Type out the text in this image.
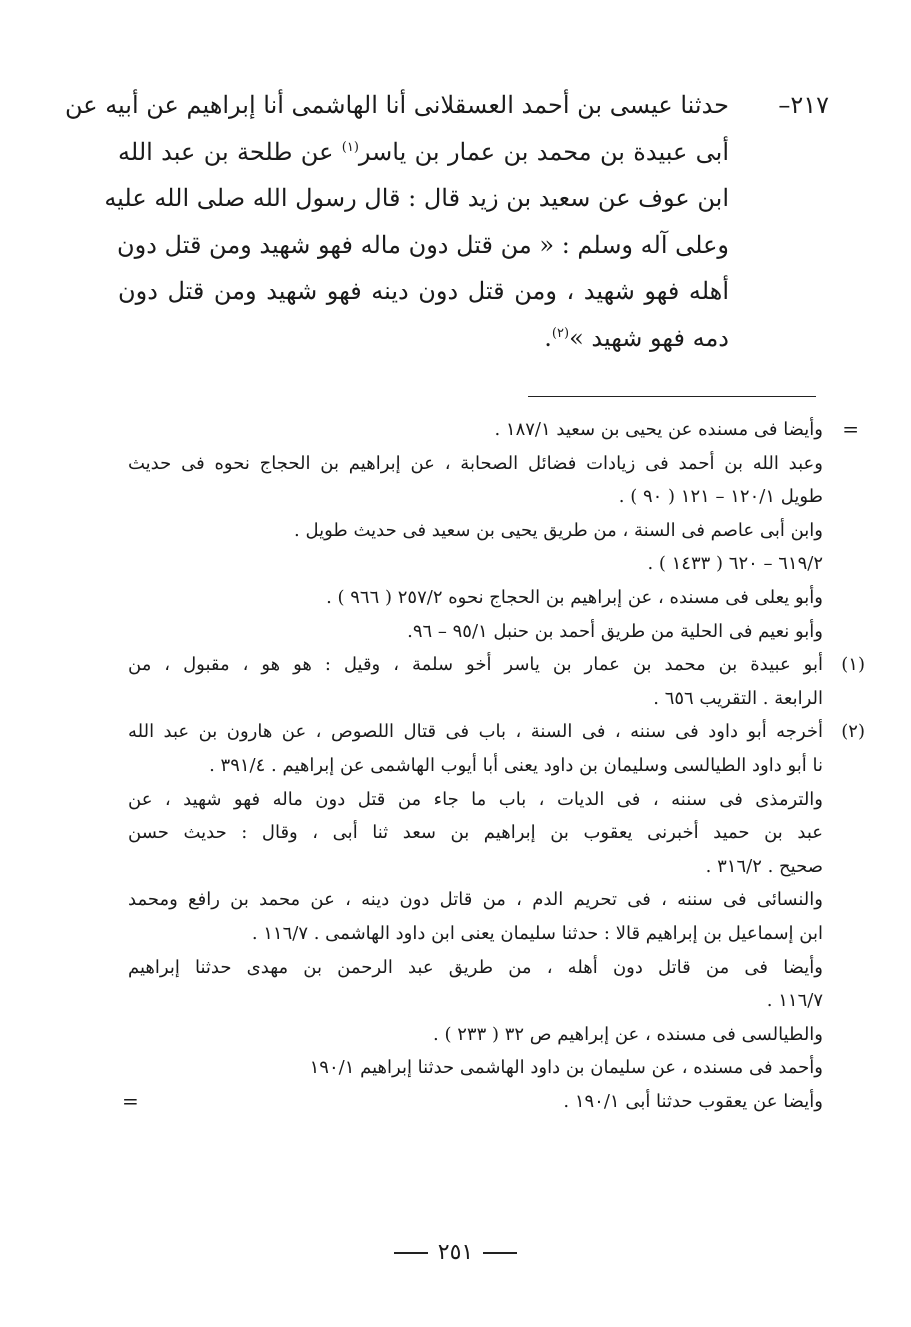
٢١٧–
حدثنا عيسى بن أحمد العسقلانى أنا الهاشمى أنا إبراهيم عن أبيه عن
أبى عبيدة بن محمد بن عمار بن ياسر$^{(١)}$ عن طلحة بن عبد الله
ابن عوف عن سعيد بن زيد قال : قال رسول الله صلى الله عليه
وعلى آله وسلم : « من قتل دون ماله فهو شهيد ومن قتل دون
أهله فهو شهيد ، ومن قتل دون دينه فهو شهيد ومن قتل دون
دمه فهو شهيد »$^{(٢)}$.
=
وأيضا فى مسنده عن يحيى بن سعيد ١٨٧/١ .
وعبد الله بن أحمد فى زيادات فضائل الصحابة ، عن إبراهيم بن الحجاج نحوه فى حديث
طويل ١٢٠/١ – ١٢١ ( ٩٠ ) .
وابن أبى عاصم فى السنة ، من طريق يحيى بن سعيد فى حديث طويل .
٦١٩/٢ – ٦٢٠ ( ١٤٣٣ ) .
وأبو يعلى فى مسنده ، عن إبراهيم بن الحجاج نحوه ٢٥٧/٢ ( ٩٦٦ ) .
وأبو نعيم فى الحلية من طريق أحمد بن حنبل ٩٥/١ – ٩٦.
(١)
أبو عبيدة بن محمد بن عمار بن ياسر أخو سلمة ، وقيل : هو هو ، مقبول ، من
الرابعة . التقريب ٦٥٦ .
(٢)
أخرجه أبو داود فى سننه ، فى السنة ، باب فى قتال اللصوص ، عن هارون بن عبد الله
نا أبو داود الطيالسى وسليمان بن داود يعنى أبا أيوب الهاشمى عن إبراهيم . ٣٩١/٤ .
والترمذى فى سننه ، فى الديات ، باب ما جاء من قتل دون ماله فهو شهيد ، عن
عبد بن حميد أخبرنى يعقوب بن إبراهيم بن سعد ثنا أبى ، وقال : حديث حسن
صحيح . ٣١٦/٢ .
والنسائى فى سننه ، فى تحريم الدم ، من قاتل دون دينه ، عن محمد بن رافع ومحمد
ابن إسماعيل بن إبراهيم قالا : حدثنا سليمان يعنى ابن داود الهاشمى . ١١٦/٧ .
وأيضا فى من قاتل دون أهله ، من طريق عبد الرحمن بن مهدى حدثنا إبراهيم
١١٦/٧ .
والطيالسى فى مسنده ، عن إبراهيم ص ٣٢ ( ٢٣٣ ) .
وأحمد فى مسنده ، عن سليمان بن داود الهاشمى حدثنا إبراهيم ١٩٠/١
وأيضا عن يعقوب حدثنا أبى ١٩٠/١ .
=
٢٥١
